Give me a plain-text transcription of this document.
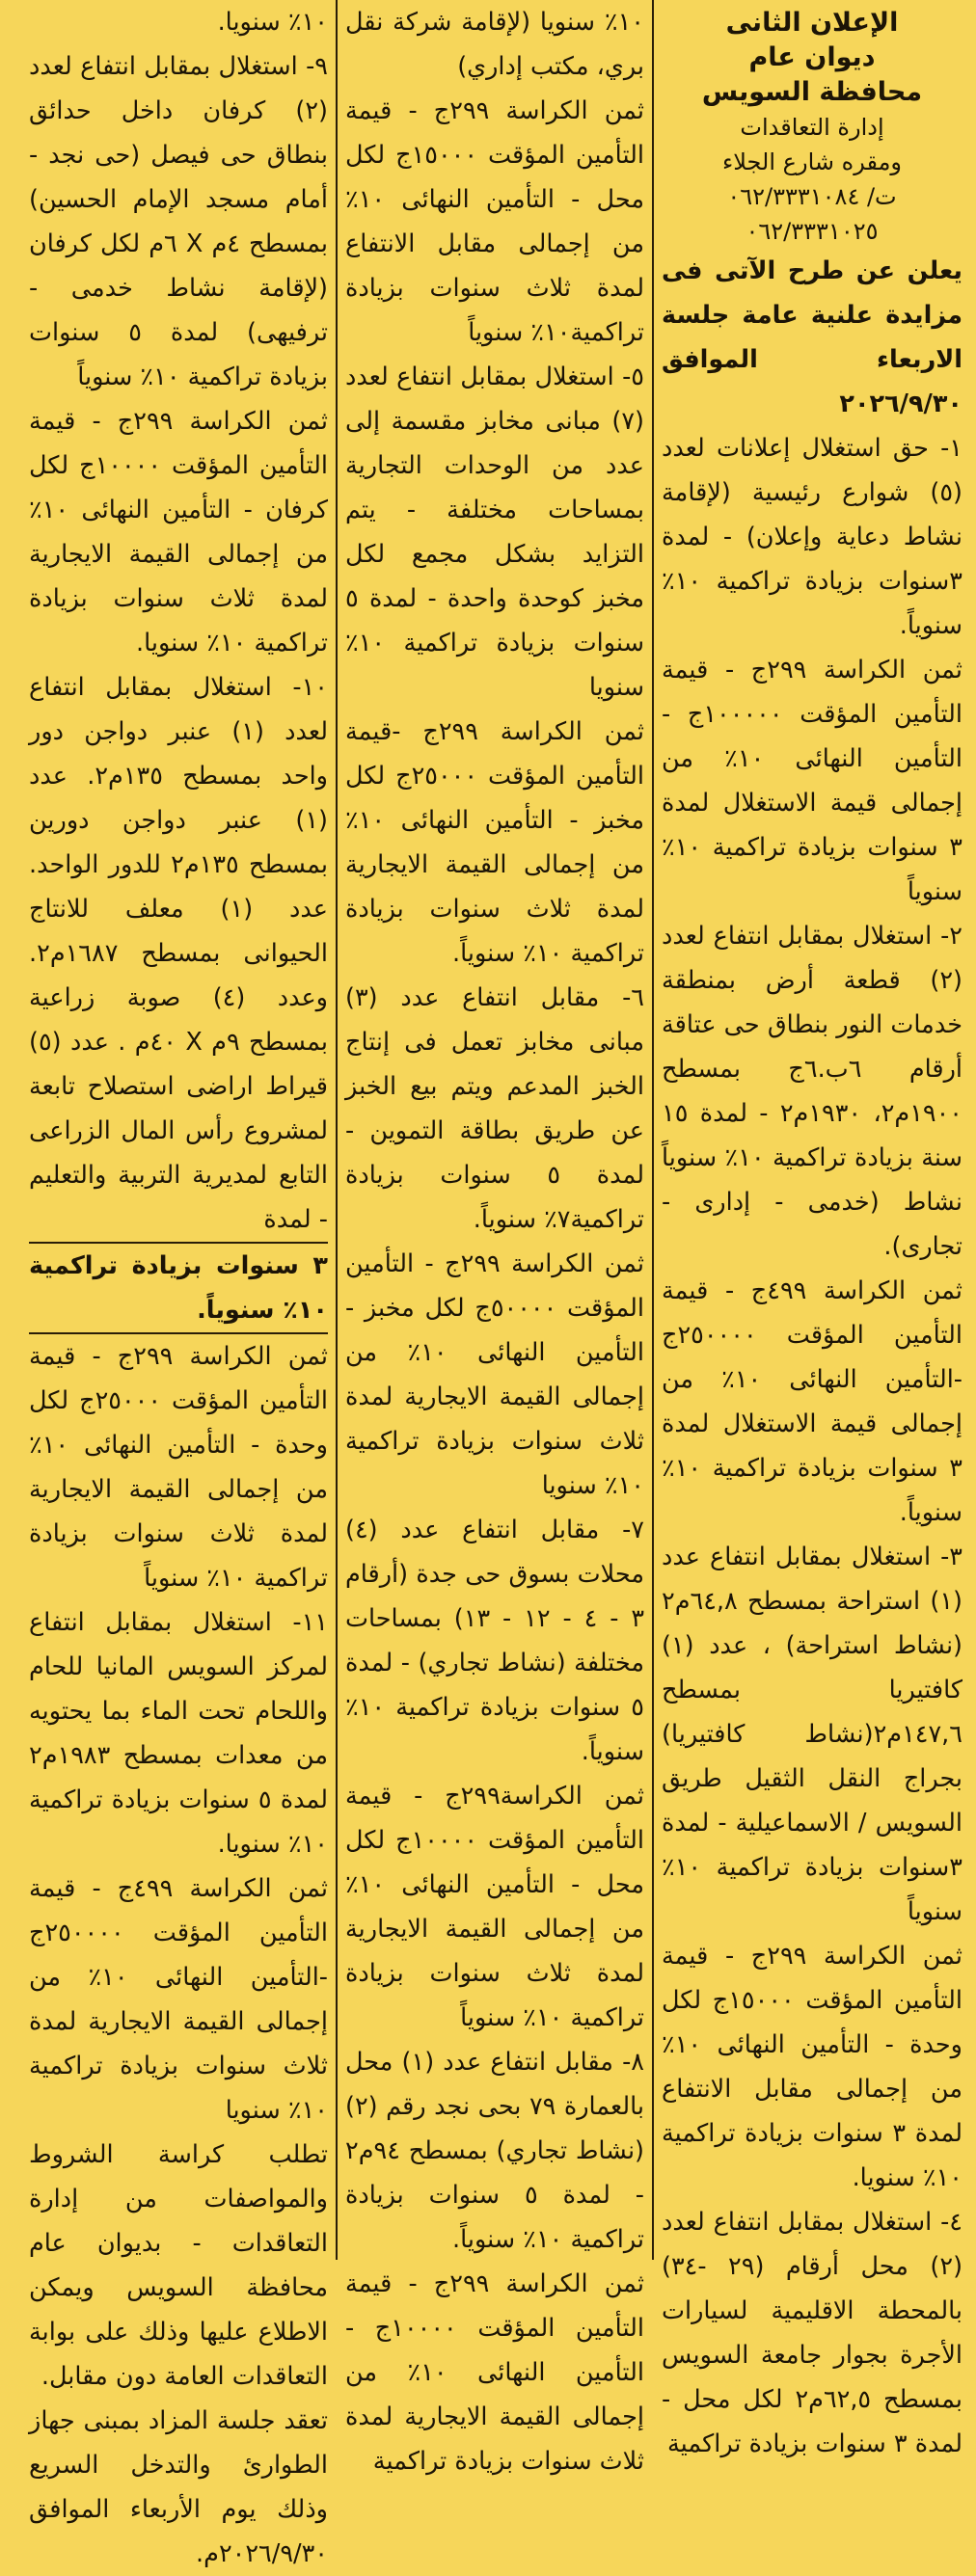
الإعلان الثانى
ديوان عام
محافظة السويس
إدارة التعاقدات
ومقره شارع الجلاء
ت/ ٠٦٢/٣٣٣١٠٨٤
٠٦٢/٣٣٣١٠٢٥

يعلن عن طرح الآتى فى مزايدة علنية عامة جلسة الاربعاء الموافق ٢٠٢٦/٩/٣٠

١- حق استغلال إعلانات لعدد (٥) شوارع رئيسية (لإقامة نشاط دعاية وإعلان) - لمدة ٣سنوات بزيادة تراكمية ١٠٪ سنوياً.

ثمن الكراسة ٢٩٩ج - قيمة التأمين المؤقت ١٠٠٠٠٠ج - التأمين النهائى ١٠٪ من إجمالى قيمة الاستغلال لمدة ٣ سنوات بزيادة تراكمية ١٠٪ سنوياً

٢- استغلال بمقابل انتفاع لعدد (٢) قطعة أرض بمنطقة خدمات النور بنطاق حى عتاقة أرقام ٦ب.٦ج بمسطح ١٩٠٠م٢، ١٩٣٠م٢ - لمدة ١٥ سنة بزيادة تراكمية ١٠٪ سنوياً نشاط (خدمى - إدارى - تجارى).

ثمن الكراسة ٤٩٩ج - قيمة التأمين المؤقت ٢٥٠٠٠٠ج -التأمين النهائى ١٠٪ من إجمالى قيمة الاستغلال لمدة ٣ سنوات بزيادة تراكمية ١٠٪ سنوياً.

٣- استغلال بمقابل انتفاع عدد (١) استراحة بمسطح ٦٤,٨م٢ (نشاط استراحة) ، عدد (١) كافتيريا بمسطح ١٤٧,٦م٢(نشاط كافتيريا) بجراج النقل الثقيل طريق السويس / الاسماعيلية - لمدة ٣سنوات بزيادة تراكمية ١٠٪ سنوياً

ثمن الكراسة ٢٩٩ج - قيمة التأمين المؤقت ١٥٠٠٠ج لكل وحدة - التأمين النهائى ١٠٪ من إجمالى مقابل الانتفاع لمدة ٣ سنوات بزيادة تراكمية ١٠٪ سنويا.

٤- استغلال بمقابل انتفاع لعدد (٢) محل أرقام (٢٩ -٣٤) بالمحطة الاقليمية لسيارات الأجرة بجوار جامعة السويس بمسطح ٦٢,٥م٢ لكل محل - لمدة ٣ سنوات بزيادة تراكمية

١٠٪ سنويا (لإقامة شركة نقل بري، مكتب إداري)

ثمن الكراسة ٢٩٩ج - قيمة التأمين المؤقت ١٥٠٠٠ج لكل محل - التأمين النهائى ١٠٪ من إجمالى مقابل الانتفاع لمدة ثلاث سنوات بزيادة تراكمية١٠٪ سنوياً

٥- استغلال بمقابل انتفاع لعدد (٧) مبانى مخابز مقسمة إلى عدد من الوحدات التجارية بمساحات مختلفة - يتم التزايد بشكل مجمع لكل مخبز كوحدة واحدة - لمدة ٥ سنوات بزيادة تراكمية ١٠٪ سنويا

ثمن الكراسة ٢٩٩ج -قيمة التأمين المؤقت ٢٥٠٠٠ج لكل مخبز - التأمين النهائى ١٠٪ من إجمالى القيمة الايجارية لمدة ثلاث سنوات بزيادة تراكمية ١٠٪ سنوياً.

٦- مقابل انتفاع عدد (٣) مبانى مخابز تعمل فى إنتاج الخبز المدعم ويتم بيع الخبز عن طريق بطاقة التموين - لمدة ٥ سنوات بزيادة تراكمية٧٪ سنوياً.

ثمن الكراسة ٢٩٩ج - التأمين المؤقت ٥٠٠٠٠ج لكل مخبز - التأمين النهائى ١٠٪ من إجمالى القيمة الايجارية لمدة ثلاث سنوات بزيادة تراكمية ١٠٪ سنويا

٧- مقابل انتفاع عدد (٤) محلات بسوق حى جدة (أرقام ٣ - ٤ - ١٢ - ١٣) بمساحات مختلفة (نشاط تجاري) - لمدة ٥ سنوات بزيادة تراكمية ١٠٪ سنوياً.

ثمن الكراسة٢٩٩ج - قيمة التأمين المؤقت ١٠٠٠٠ج لكل محل - التأمين النهائى ١٠٪ من إجمالى القيمة الايجارية لمدة ثلاث سنوات بزيادة تراكمية ١٠٪ سنوياً

٨- مقابل انتفاع عدد (١) محل بالعمارة ٧٩ بحى نجد رقم (٢) (نشاط تجاري) بمسطح ٩٤م٢ - لمدة ٥ سنوات بزيادة تراكمية ١٠٪ سنوياً.

ثمن الكراسة ٢٩٩ج - قيمة التأمين المؤقت ١٠٠٠٠ج - التأمين النهائى ١٠٪ من إجمالى القيمة الايجارية لمدة ثلاث سنوات بزيادة تراكمية

١٠٪ سنويا.

٩- استغلال بمقابل انتفاع لعدد (٢) كرفان داخل حدائق بنطاق حى فيصل (حى نجد - أمام مسجد الإمام الحسين) بمسطح ٤م X ٦م لكل كرفان (لإقامة نشاط خدمى - ترفيهى) لمدة ٥ سنوات بزيادة تراكمية ١٠٪ سنوياً

ثمن الكراسة ٢٩٩ج - قيمة التأمين المؤقت ١٠٠٠٠ج لكل كرفان - التأمين النهائى ١٠٪ من إجمالى القيمة الايجارية لمدة ثلاث سنوات بزيادة تراكمية ١٠٪ سنويا.

١٠- استغلال بمقابل انتفاع لعدد (١) عنبر دواجن دور واحد بمسطح ١٣٥م٢. عدد (١) عنبر دواجن دورين بمسطح ١٣٥م٢ للدور الواحد. عدد (١) معلف للانتاج الحيوانى بمسطح ١٦٨٧م٢. وعدد (٤) صوبة زراعية بمسطح ٩م X ٤٠م . عدد (٥) قيراط اراضى استصلاح تابعة لمشروع رأس المال الزراعى التابع لمديرية التربية والتعليم - لمدة

٣ سنوات بزيادة تراكمية ١٠٪ سنوياً.

ثمن الكراسة ٢٩٩ج - قيمة التأمين المؤقت ٢٥٠٠٠ج لكل وحدة - التأمين النهائى ١٠٪ من إجمالى القيمة الايجارية لمدة ثلاث سنوات بزيادة تراكمية ١٠٪ سنوياً

١١- استغلال بمقابل انتفاع لمركز السويس المانيا للحام واللحام تحت الماء بما يحتويه من معدات بمسطح ١٩٨٣م٢ لمدة ٥ سنوات بزيادة تراكمية ١٠٪ سنويا.

ثمن الكراسة ٤٩٩ج - قيمة التأمين المؤقت ٢٥٠٠٠٠ج -التأمين النهائى ١٠٪ من إجمالى القيمة الايجارية لمدة ثلاث سنوات بزيادة تراكمية ١٠٪ سنويا

تطلب كراسة الشروط والمواصفات من إدارة التعاقدات - بديوان عام محافظة السويس ويمكن الاطلاع عليها وذلك على بوابة التعاقدات العامة دون مقابل.

تعقد جلسة المزاد بمبنى جهاز الطوارئ والتدخل السريع وذلك يوم الأربعاء الموافق ٢٠٢٦/٩/٣٠م.
